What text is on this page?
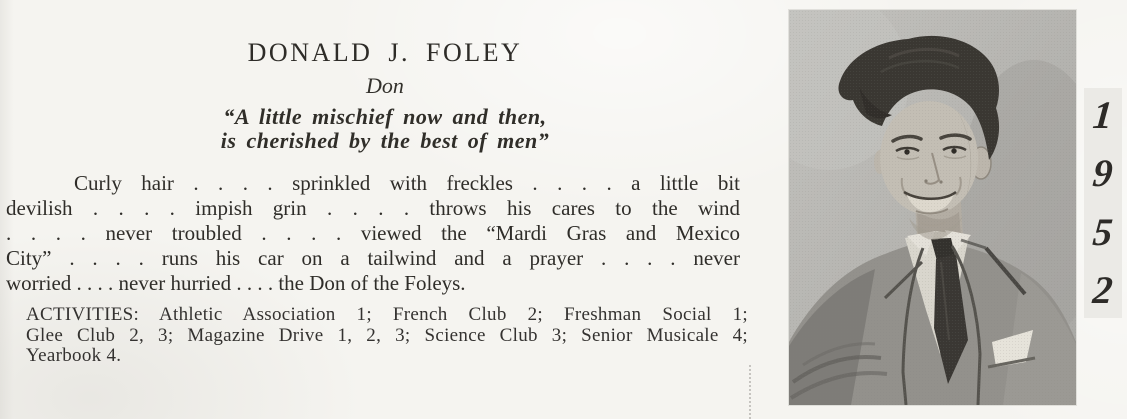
DONALD J. FOLEY
Don
“A little mischief now and then,
is cherished by the best of men”
Curly hair . . . . sprinkled with freckles . . . . a little bit
devilish . . . . impish grin . . . . throws his cares to the wind
. . . . never troubled . . . . viewed the “Mardi Gras and Mexico
City” . . . . runs his car on a tailwind and a prayer . . . . never
worried . . . . never hurried . . . . the Don of the Foleys.
ACTIVITIES: Athletic Association 1; French Club 2; Freshman Social 1;
Glee Club 2, 3; Magazine Drive 1, 2, 3; Science Club 3; Senior Musicale 4;
Yearbook 4.
1
9
5
2
